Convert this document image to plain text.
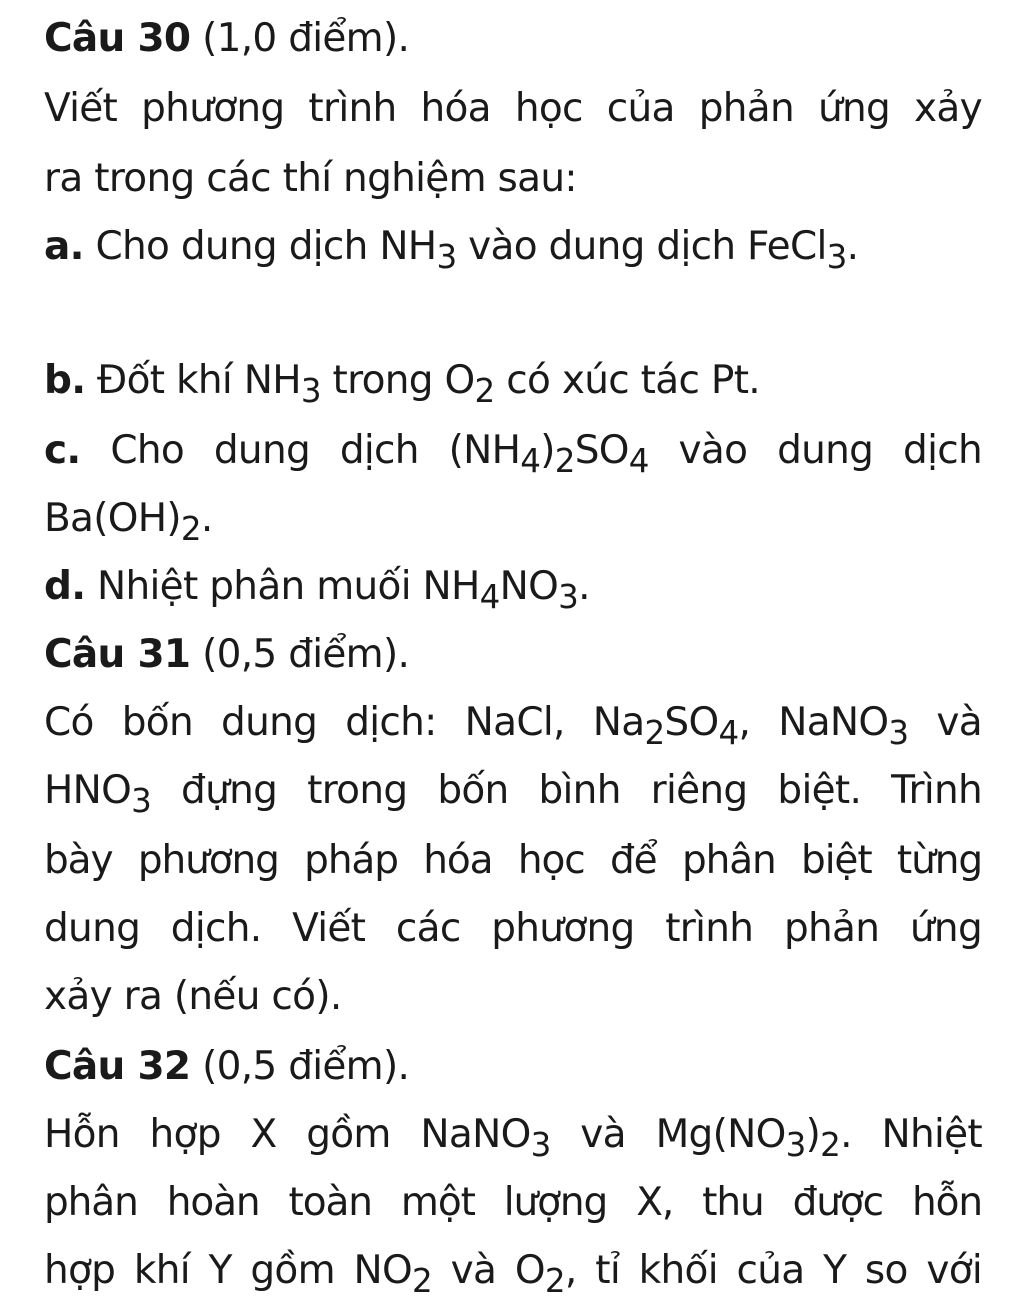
Câu 30 (1,0 điểm).
Viết phương trình hóa học của phản ứng xảy
ra trong các thí nghiệm sau:
a. Cho dung dịch $NH_3$ vào dung dịch FeCl$_3$.
b. Đốt khí $NH_3$ trong $O_2$ có xúc tác Pt.
c. Cho dung dịch $(NH_4)_2SO_4$ vào dung dịch
$Ba(OH)_2$.
d. Nhiệt phân muối $NH_4NO_3$.
Câu 31 (0,5 điểm).
Có bốn dung dịch: NaCl, $Na_2SO_4$, NaNO$_3$ và
$HNO_3$ đựng trong bốn bình riêng biệt. Trình
bày phương pháp hóa học để phân biệt từng
dung dịch. Viết các phương trình phản ứng
xảy ra (nếu có).
Câu 32 (0,5 điểm).
Hỗn hợp X gồm NaNO$_3$ và $Mg(NO_3)_2$. Nhiệt
phân hoàn toàn một lượng X, thu được hỗn
hợp khí Y gồm $NO_2$ và $O_2$, tỉ khối của Y so với
